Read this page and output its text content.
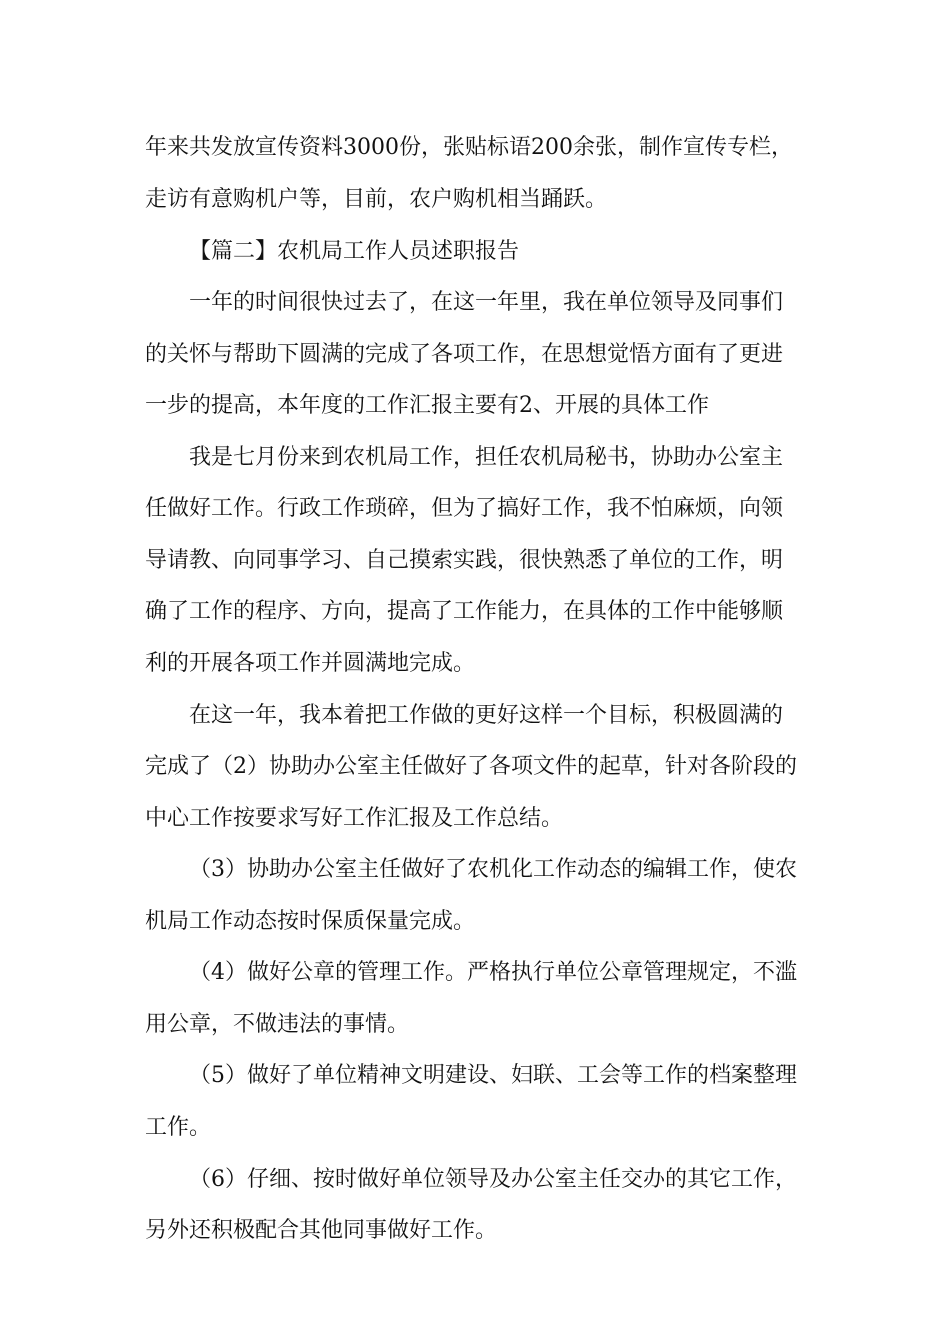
年来共发放宣传资料3000份，张贴标语200余张，制作宣传专栏，
走访有意购机户等，目前，农户购机相当踊跃。
【篇二】农机局工作人员述职报告
一年的时间很快过去了，在这一年里，我在单位领导及同事们
的关怀与帮助下圆满的完成了各项工作，在思想觉悟方面有了更进
一步的提高，本年度的工作汇报主要有2、开展的具体工作
我是七月份来到农机局工作，担任农机局秘书，协助办公室主
任做好工作。行政工作琐碎，但为了搞好工作，我不怕麻烦，向领
导请教、向同事学习、自己摸索实践，很快熟悉了单位的工作，明
确了工作的程序、方向，提高了工作能力，在具体的工作中能够顺
利的开展各项工作并圆满地完成。
在这一年，我本着把工作做的更好这样一个目标，积极圆满的
完成了（2）协助办公室主任做好了各项文件的起草，针对各阶段的
中心工作按要求写好工作汇报及工作总结。
（3）协助办公室主任做好了农机化工作动态的编辑工作，使农
机局工作动态按时保质保量完成。
（4）做好公章的管理工作。严格执行单位公章管理规定，不滥
用公章，不做违法的事情。
（5）做好了单位精神文明建设、妇联、工会等工作的档案整理
工作。
（6）仔细、按时做好单位领导及办公室主任交办的其它工作，
另外还积极配合其他同事做好工作。
